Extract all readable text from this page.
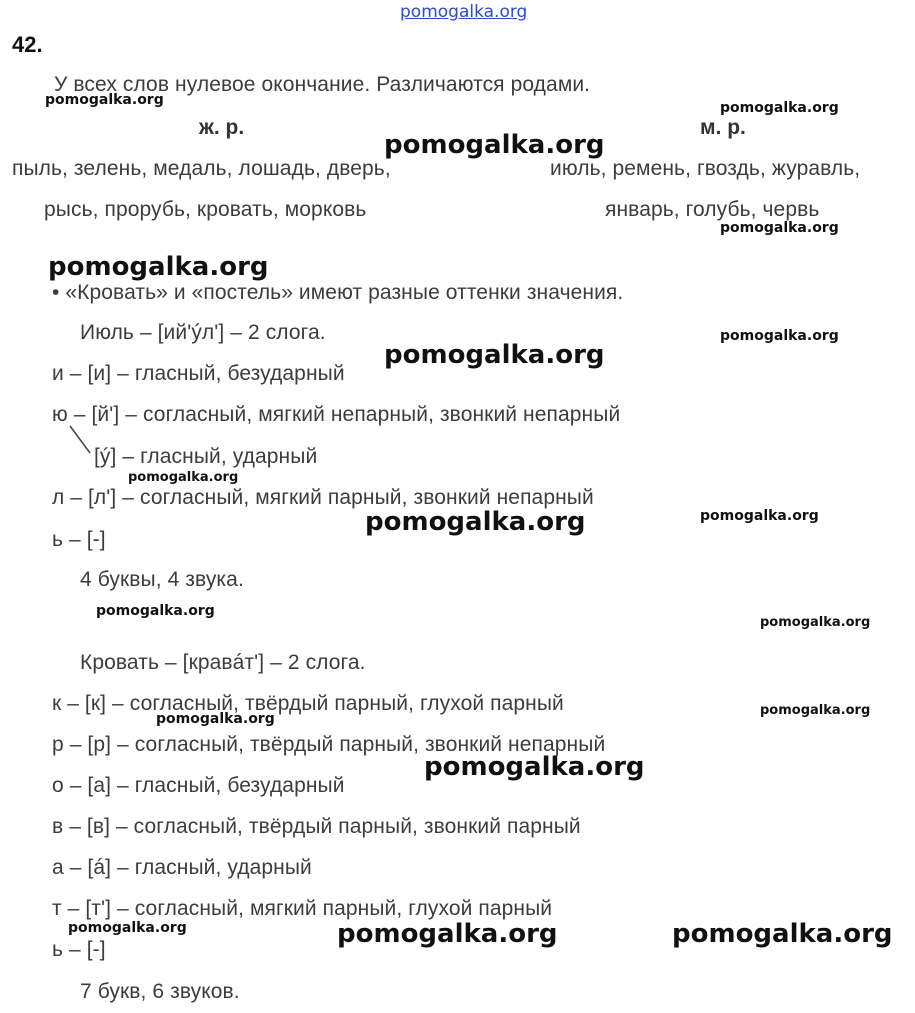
pomogalka.org
42.
У всех слов нулевое окончание. Различаются родами.
ж. р.	м. р.
пыль, зелень, медаль, лошадь, дверь,	июль, ремень, гвоздь, журавль,
рысь, прорубь, кровать, морковь	январь, голубь, червь
• «Кровать» и «постель» имеют разные оттенки значения.
Июль – [ий'ýл'] – 2 слога.
и – [и] – гласный, безударный
ю – [й'] – согласный, мягкий непарный, звонкий непарный
[ý] – гласный, ударный
л – [л'] – согласный, мягкий парный, звонкий непарный
ь – [-]
4 буквы, 4 звука.
Кровать – [кравáт'] – 2 слога.
к – [к] – согласный, твёрдый парный, глухой парный
р – [р] – согласный, твёрдый парный, звонкий непарный
о – [а] – гласный, безударный
в – [в] – согласный, твёрдый парный, звонкий парный
а – [á] – гласный, ударный
т – [т'] – согласный, мягкий парный, глухой парный
ь – [-]
7 букв, 6 звуков.
pomogalka.org	pomogalka.org
pomogalka.org
pomogalka.org
pomogalka.org
pomogalka.org
pomogalka.org
pomogalka.org
pomogalka.org
pomogalka.org
pomogalka.org
pomogalka.org
pomogalka.org
pomogalka.org
pomogalka.org
pomogalka.org	pomogalka.org	pomogalka.org
